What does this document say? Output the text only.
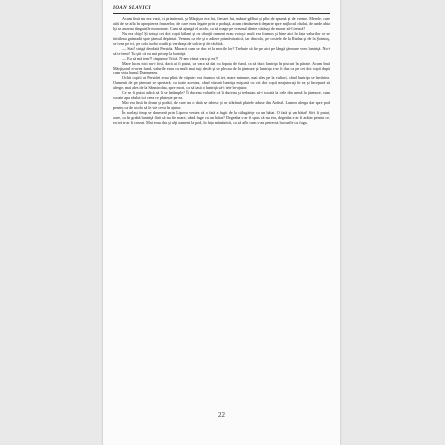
IOAN SLAVICI

Acum însă nu era vară, ci primăvară, şi Mărţişor era lut, fiecare lut, mânat-gălbui şi plin de spumă şi de vreme. Merele, care atât de se afla în apropierea frunzelor, de care erau legate prin o poduţă, acum rămăseseră departe spre mijlocul râului, de unde abia îşi se auzeau tânguirile monotone. Cum să ajungă el acolo, ca să roage pe vreunul dintre cărăuşi de morar să-l treacă?

Nu era chip! Şi totuşi cei doi copii bălani şi cu obrajii rumeni erau voioşi: mult era frumos şi bine aici în fața valurilor ce se tăvăleau grămadă spre ţărmul depărtat. Veneau ca ele şi o adiere primăvăratică, iar dincolo, pe costele de la Radna şi de la Şoimuş, se ivea pe ici, pe colo turba crudă şi verdeaţa de salcie şi de răchită.

— Stai! strigă deodată Persida. Morarii cum se duc ei la morile lor? Trebuie să fie pe aici pe lângă ţărmure vreo luntriţă. Nu-i să te temi! Tu ştii că eu mă pricep la luntriţă.

— Eu să mă tem?! răspunse Trică. N-am văzut vara şi eu?!

Mare lucru nici nu-i fost, dacă ai fi putut, ca vara să dai cu lopata de fund, ca să duci luntriţa în piscuri în pâraie. Acum însă Mărţişorul n-avea fund, valurile erau cu mult mai iuţi decât şi se plecau de la ţărmure şi luntriţa s-ar fi dus ca pe cei doi copii după cum voia bunul Dumnezeu.

Ochii copiii ai Persidei erau plini de văpaie: era frumos să iei, mare minune, mai ales pe la vultori, când luntriţa se învârtea. Oamenii de pe ţărmuri se speriară, cu toate acestea, când văzură luntriţa mişcată cu cei doi copii neajutoraţi în ea şi începură să alerge, mai ales de la Sânnicolau, spre mori, ca să iasă o luntriţă să-i ieie în-ajutor.

Ce se fi putut adică să li se întâmple? Îi duceau valurile că îi duceau şi trebuiau să-i scoată la cele din urmă la ţărmure, cum scoate apa răului tot ceea ce plutește pe ea.

Mai era însă în drum şi podul, de care nu o dată se izbesc şi se sfărâmă plutele aduse din Ardeal. Lumea alerga dar spre pod pentru ca de acolo să le vie ceva în ajutor.

În acelaşi timp se duseseră prin Lipova vestea că o fată a fugit de la călugăriţe cu un băiat. O fată şi un băiat! Să-i fi putut, oare, ca în grabă luntriţă fără să nu fie mare, când fuge cu un băiat? Degeaba s-ar fi spus că nu era, degeaba s-ar fi arătat pentru ce, ea tot n-ar fi crezut. Mai erau dar şi alţi oameni la pod, în fața mănăstirii, ca să afle cum s-au petrecut lucrurile cu fuga.

22
